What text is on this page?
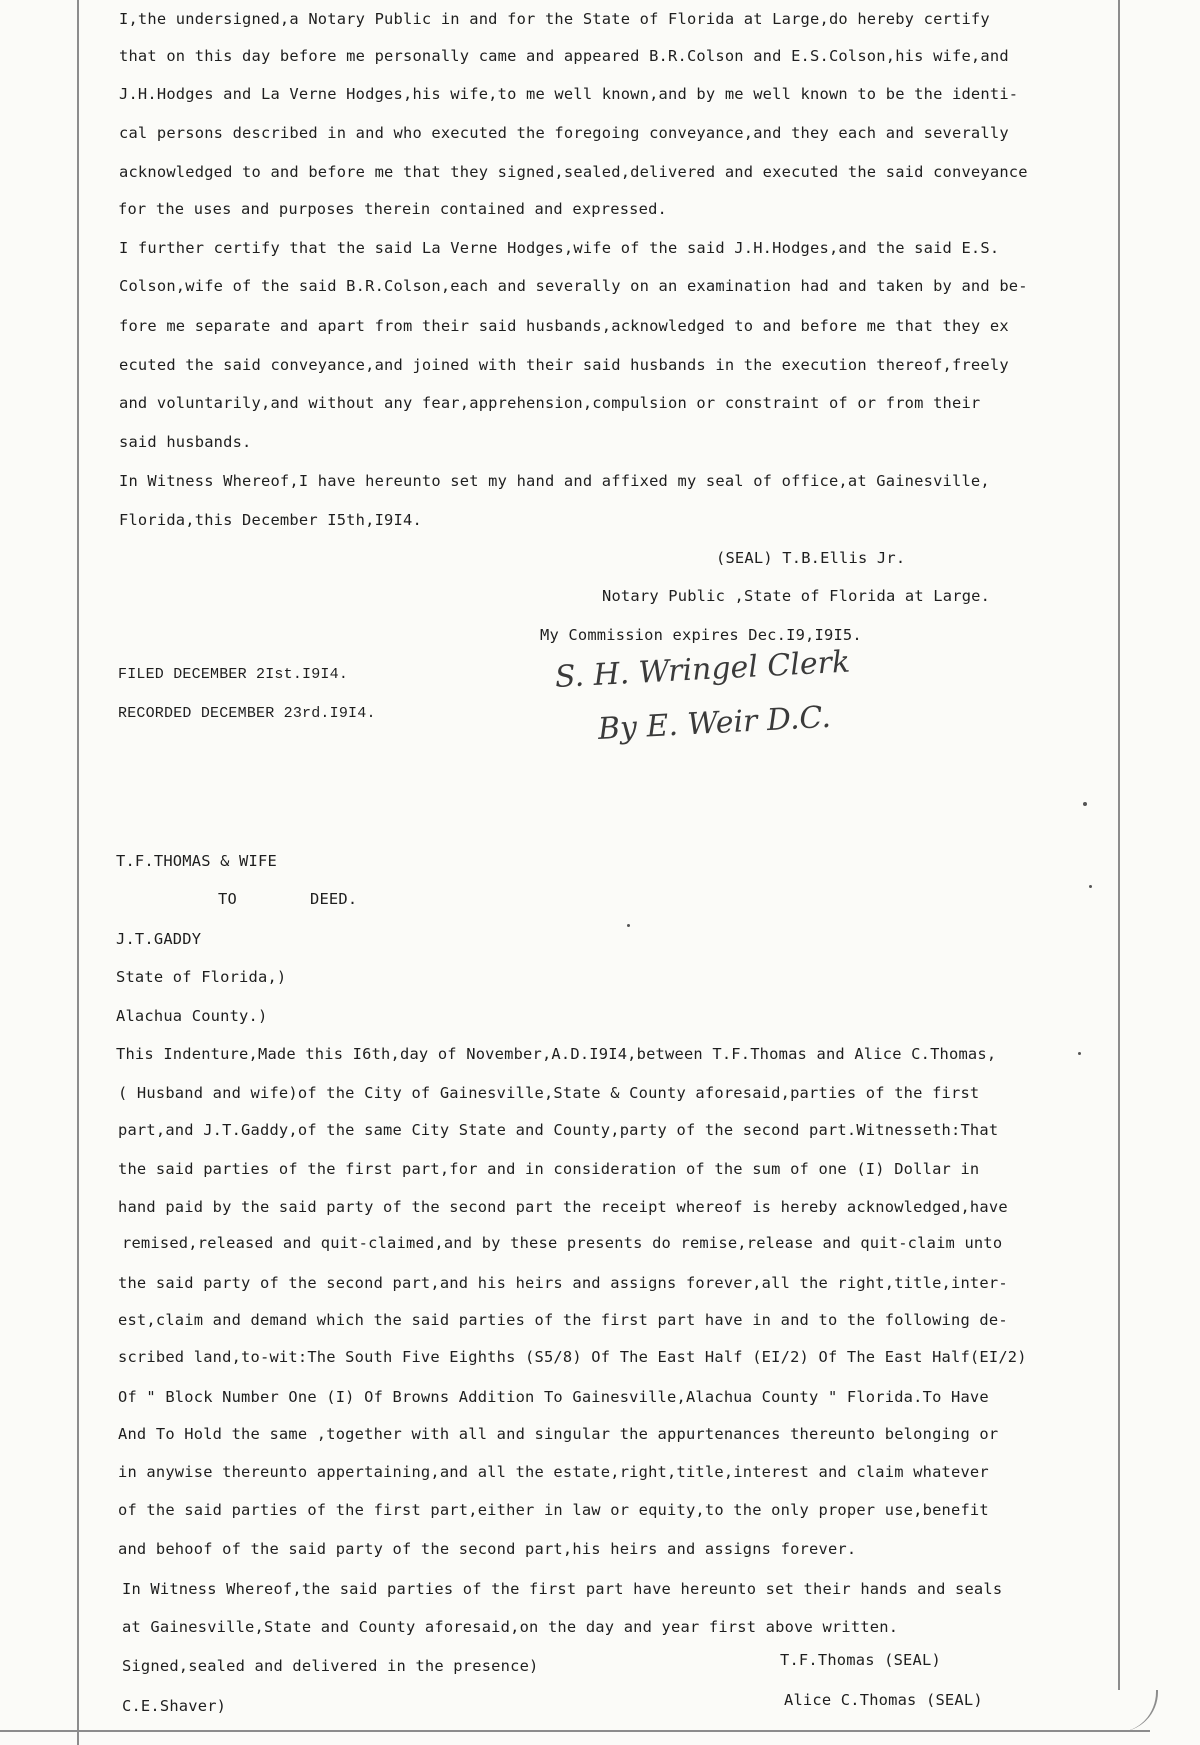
I,the undersigned,a Notary Public in and for the State of Florida at Large,do hereby certify
that on this day before me personally came and appeared B.R.Colson and E.S.Colson,his wife,and
J.H.Hodges and La Verne Hodges,his wife,to me well known,and by me well known to be the identi-
cal persons described in and who executed the foregoing conveyance,and they each and severally
acknowledged to and before me that they signed,sealed,delivered and executed the said conveyance
for the uses and purposes therein contained and expressed.
I further certify that the said La Verne Hodges,wife of the said J.H.Hodges,and the said E.S.
Colson,wife of the said B.R.Colson,each and severally on an examination had and taken by and be-
fore me separate and apart from their said husbands,acknowledged to and before me that they ex
ecuted the said conveyance,and joined with their said husbands in the execution thereof,freely
and voluntarily,and without any fear,apprehension,compulsion or constraint of or from their
said husbands.
In Witness Whereof,I have hereunto set my hand and affixed my seal of office,at Gainesville,
Florida,this December I5th,I9I4.
(SEAL) T.B.Ellis Jr.
Notary Public ,State of Florida at Large.
My Commission expires Dec.I9,I9I5.
FILED DECEMBER 2Ist.I9I4.
RECORDED DECEMBER 23rd.I9I4.
S. H. Wringel Clerk
By E. Weir D.C.
T.F.THOMAS & WIFE
TO	DEED.
J.T.GADDY
State of Florida,)
Alachua County.)
This Indenture,Made this I6th,day of November,A.D.I9I4,between T.F.Thomas and Alice C.Thomas,
( Husband and wife)of the City of Gainesville,State & County aforesaid,parties of the first
part,and J.T.Gaddy,of the same City State and County,party of the second part.Witnesseth:That
the said parties of the first part,for and in consideration of the sum of one (I) Dollar in
hand paid by the said party of the second part the receipt whereof is hereby acknowledged,have
remised,released and quit-claimed,and by these presents do remise,release and quit-claim unto
the said party of the second part,and his heirs and assigns forever,all the right,title,inter-
est,claim and demand which the said parties of the first part have in and to the following de-
scribed land,to-wit:The South Five Eighths (S5/8) Of The East Half (EI/2) Of The East Half(EI/2)
Of " Block Number One (I) Of Browns Addition To Gainesville,Alachua County " Florida.To Have
And To Hold the same ,together with all and singular the appurtenances thereunto belonging or
in anywise thereunto appertaining,and all the estate,right,title,interest and claim whatever
of the said parties of the first part,either in law or equity,to the only proper use,benefit
and behoof of the said party of the second part,his heirs and assigns forever.
In Witness Whereof,the said parties of the first part have hereunto set their hands and seals
at Gainesville,State and County aforesaid,on the day and year first above written.
Signed,sealed and delivered in the presence)
C.E.Shaver)
T.F.Thomas (SEAL)
Alice C.Thomas (SEAL)
